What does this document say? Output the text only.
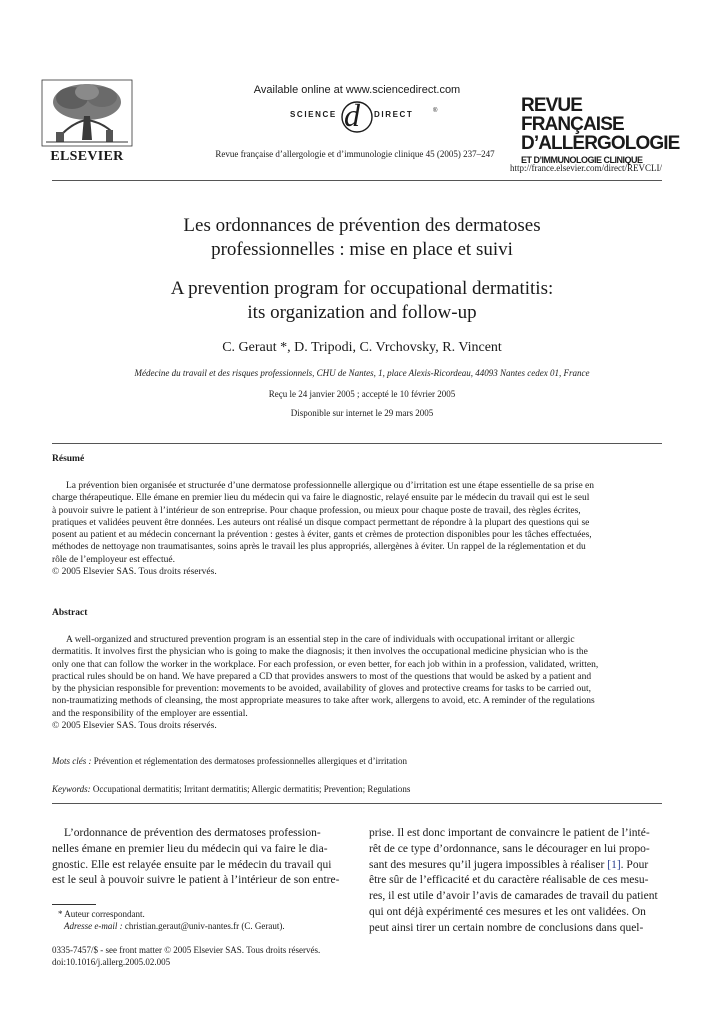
ELSEVIER
Available online at www.sciencedirect.com
SCIENCE d DIRECT	®
Revue française d’allergologie et d’immunologie clinique 45 (2005) 237–247
REVUE FRANÇAISE
D’ALLERGOLOGIE
ET D’IMMUNOLOGIE CLINIQUE
http://france.elsevier.com/direct/REVCLI/
Les ordonnances de prévention des dermatoses
professionnelles : mise en place et suivi
A prevention program for occupational dermatitis:
its organization and follow-up
C. Geraut *, D. Tripodi, C. Vrchovsky, R. Vincent
Médecine du travail et des risques professionnels, CHU de Nantes, 1, place Alexis-Ricordeau, 44093 Nantes cedex 01, France
Reçu le 24 janvier 2005 ; accepté le 10 février 2005
Disponible sur internet le 29 mars 2005
Résumé
La prévention bien organisée et structurée d’une dermatose professionnelle allergique ou d’irritation est une étape essentielle de sa prise en
charge thérapeutique. Elle émane en premier lieu du médecin qui va faire le diagnostic, relayé ensuite par le médecin du travail qui est le seul
à pouvoir suivre le patient à l’intérieur de son entreprise. Pour chaque profession, ou mieux pour chaque poste de travail, des règles écrites,
pratiques et validées peuvent être données. Les auteurs ont réalisé un disque compact permettant de répondre à la plupart des questions qui se
posent au patient et au médecin concernant la prévention : gestes à éviter, gants et crèmes de protection disponibles pour les tâches effectuées,
méthodes de nettoyage non traumatisantes, soins après le travail les plus appropriés, allergènes à éviter. Un rappel de la réglementation et du
rôle de l’employeur est effectué.
© 2005 Elsevier SAS. Tous droits réservés.
Abstract
A well-organized and structured prevention program is an essential step in the care of individuals with occupational irritant or allergic
dermatitis. It involves first the physician who is going to make the diagnosis; it then involves the occupational medicine physician who is the
only one that can follow the worker in the workplace. For each profession, or even better, for each job within in a profession, validated, written,
practical rules should be on hand. We have prepared a CD that provides answers to most of the questions that would be asked by a patient and
by the physician responsible for prevention: movements to be avoided, availability of gloves and protective creams for tasks to be carried out,
non-traumatizing methods of cleansing, the most appropriate measures to take after work, allergens to avoid, etc. A reminder of the regulations
and the responsibility of the employer are essential.
© 2005 Elsevier SAS. Tous droits réservés.
Mots clés : Prévention et réglementation des dermatoses professionnelles allergiques et d’irritation
Keywords: Occupational dermatitis; Irritant dermatitis; Allergic dermatitis; Prevention; Regulations
L’ordonnance de prévention des dermatoses profession-
nelles émane en premier lieu du médecin qui va faire le dia-
gnostic. Elle est relayée ensuite par le médecin du travail qui
est le seul à pouvoir suivre le patient à l’intérieur de son entre-
prise. Il est donc important de convaincre le patient de l’inté-
rêt de ce type d’ordonnance, sans le décourager en lui propo-
sant des mesures qu’il jugera impossibles à réaliser [1]. Pour
être sûr de l’efficacité et du caractère réalisable de ces mesu-
res, il est utile d’avoir l’avis de camarades de travail du patient
qui ont déjà expérimenté ces mesures et les ont validées. On
peut ainsi tirer un certain nombre de conclusions dans quel-
* Auteur correspondant.
Adresse e-mail : christian.geraut@univ-nantes.fr (C. Geraut).
0335-7457/$ - see front matter © 2005 Elsevier SAS. Tous droits réservés.
doi:10.1016/j.allerg.2005.02.005
